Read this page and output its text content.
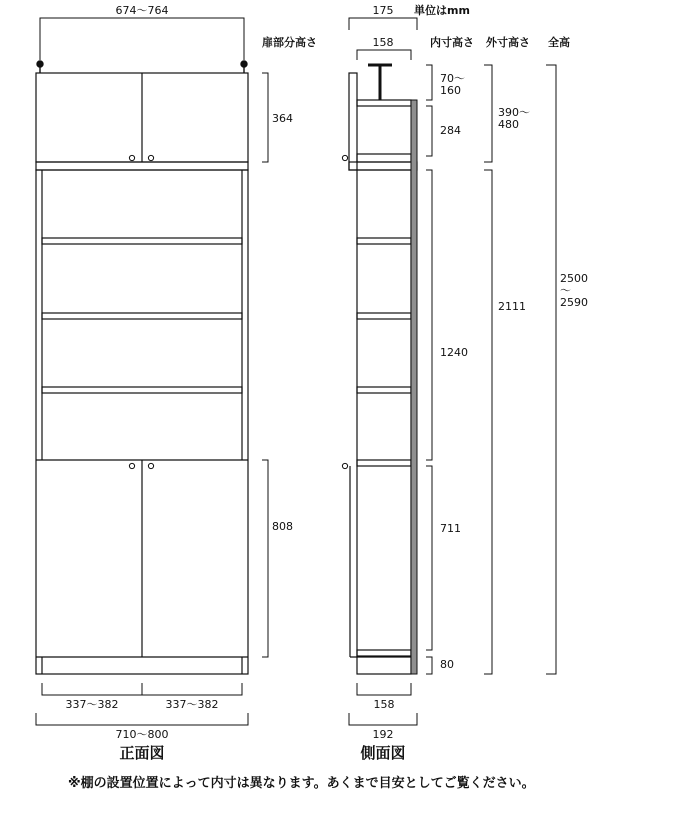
674〜764
364
808
337〜382	337〜382
710〜800
正面図
扉部分高さ
単位はmm
内寸高さ 外寸高さ 全高
175
158
158
192
側面図
70〜 160
284
1240
711
80
390〜 480
2111
2500 〜 2590
※棚の設置位置によって内寸は異なります。あくまで目安としてご覧ください。
